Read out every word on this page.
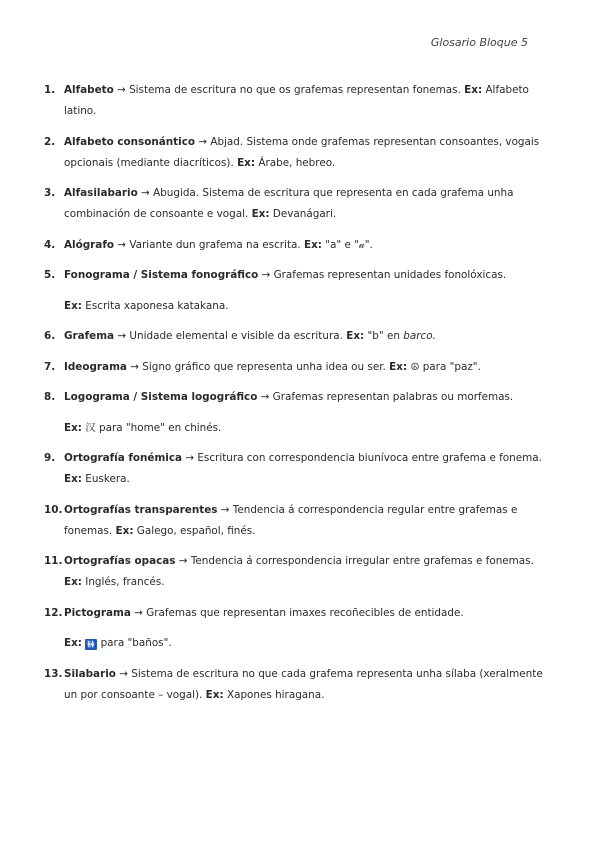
Glosario Bloque 5
1. Alfabeto → Sistema de escritura no que os grafemas representan fonemas. Ex: Alfabeto latino.
2. Alfabeto consonántico → Abjad. Sistema onde grafemas representan consoantes, vogais opcionais (mediante diacríticos). Ex: Árabe, hebreo.
3. Alfasilabario → Abugida. Sistema de escritura que representa en cada grafema unha combinación de consoante e vogal. Ex: Devanágari.
4. Alógrafo → Variante dun grafema na escrita. Ex: "a" e "𝒶".
5. Fonograma / Sistema fonográfico → Grafemas representan unidades fonolóxicas.
Ex: Escrita xaponesa katakana.
6. Grafema → Unidade elemental e visible da escritura. Ex: "b" en barco.
7. Ideograma → Signo gráfico que representa unha idea ou ser. Ex: ☮ para "paz".
8. Logograma / Sistema logográfico → Grafemas representan palabras ou morfemas.
Ex: 汉 para "home" en chinés.
9. Ortografía fonémica → Escritura con correspondencia biunívoca entre grafema e fonema. Ex: Euskera.
10. Ortografías transparentes → Tendencia á correspondencia regular entre grafemas e fonemas. Ex: Galego, español, finés.
11. Ortografías opacas → Tendencia á correspondencia irregular entre grafemas e fonemas. Ex: Inglés, francés.
12. Pictograma → Grafemas que representan imaxes recoñecibles de entidade.
Ex: 🚻 para "baños".
13. Silabario → Sistema de escritura no que cada grafema representa unha sílaba (xeralmente un por consoante – vogal). Ex: Xapones hiragana.
